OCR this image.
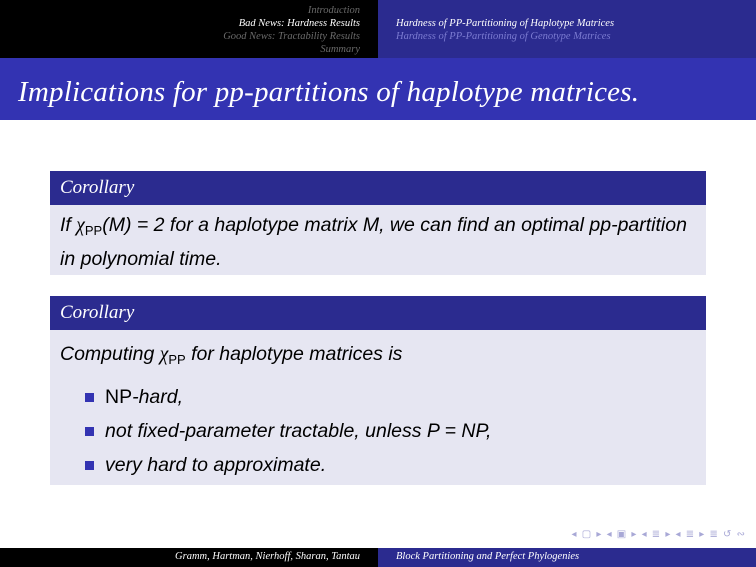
Introduction
Bad News: Hardness Results
Good News: Tractability Results
Summary
Hardness of PP-Partitioning of Haplotype Matrices
Hardness of PP-Partitioning of Genotype Matrices
Implications for pp-partitions of haplotype matrices.
Corollary
If $\chi_{PP}(M) = 2$ for a haplotype matrix M, we can find an optimal pp-partition in polynomial time.
Corollary
Computing $\chi_{PP}$ for haplotype matrices is
NP-hard,
not fixed-parameter tractable, unless P = NP,
very hard to approximate.
◂ ▢ ▸ ◂ ▣ ▸ ◂ ≣ ▸ ◂ ≣ ▸ ≣ ↺ ∾
Gramm, Hartman, Nierhoff, Sharan, Tantau	Block Partitioning and Perfect Phylogenies
